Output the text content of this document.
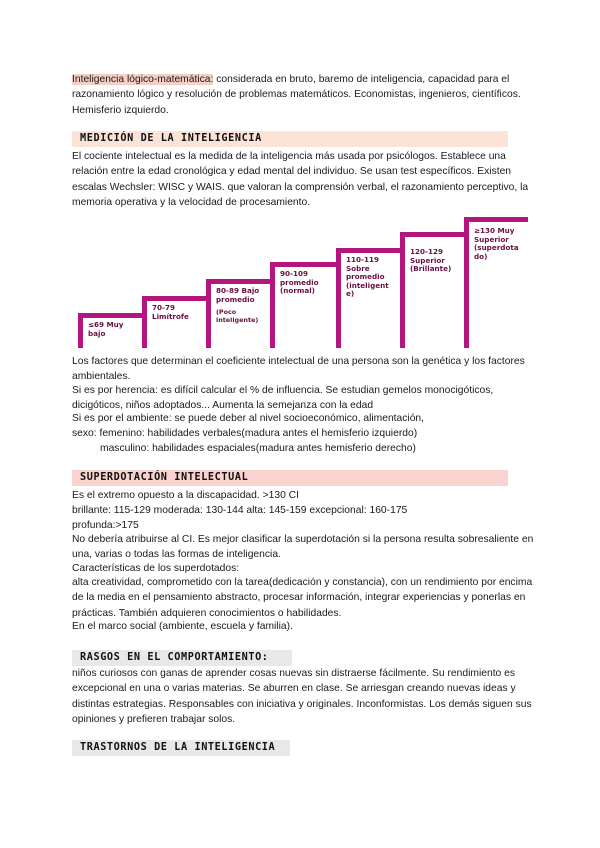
Inteligencia lógico-matemática: considerada en bruto, baremo de inteligencia, capacidad para el razonamiento lógico y resolución de problemas matemáticos. Economistas, ingenieros, científicos. Hemisferio izquierdo.

MEDICIÓN DE LA INTELIGENCIA

El cociente intelectual es la medida de la inteligencia más usada por psicólogos. Establece una relación entre la edad cronológica y edad mental del individuo. Se usan test específicos. Existen escalas Wechsler: WISC y WAIS. que valoran la comprensión verbal, el razonamiento perceptivo, la memoria operativa y la velocidad de procesamiento.

≤69 Muy bajo
70-79 Limítrofe
80-89 Bajo promedio
(Poco inteligente)
90-109 promedio (normal)
110-119 Sobre promedio (inteligent e)
120-129 Superior (Brillante)
≥130 Muy Superior (superdota do)

Los factores que determinan el coeficiente intelectual de una persona son la genética y los factores ambientales.

Si es por herencia: es difícil calcular el % de influencia. Se estudian gemelos monocigóticos, dicigóticos, niños adoptados... Aumenta la semejanza con la edad

Si es por el ambiente: se puede deber al nivel socioeconómico, alimentación,

sexo: femenino: habilidades verbales(madura antes el hemisferio izquierdo)

masculino: habilidades espaciales(madura antes hemisferio derecho)

SUPERDOTACIÓN INTELECTUAL

Es el extremo opuesto a la discapacidad. >130 CI

brillante: 115-129 moderada: 130-144 alta: 145-159 excepcional: 160-175

profunda:>175

No debería atribuirse al CI. Es mejor clasificar la superdotación si la persona resulta sobresaliente en una, varias o todas las formas de inteligencia.

Características de los superdotados:

alta creatividad, comprometido con la tarea(dedicación y constancia), con un rendimiento por encima de la media en el pensamiento abstracto, procesar información, integrar experiencias y ponerlas en prácticas. También adquieren conocimientos o habilidades.

En el marco social (ambiente, escuela y familia).

RASGOS EN EL COMPORTAMIENTO:

niños curiosos con ganas de aprender cosas nuevas sin distraerse fácilmente. Su rendimiento es excepcional en una o varias materias. Se aburren en clase. Se arriesgan creando nuevas ideas y distintas estrategias. Responsables con iniciativa y originales. Inconformistas. Los demás siguen sus opiniones y prefieren trabajar solos.

TRASTORNOS DE LA INTELIGENCIA
